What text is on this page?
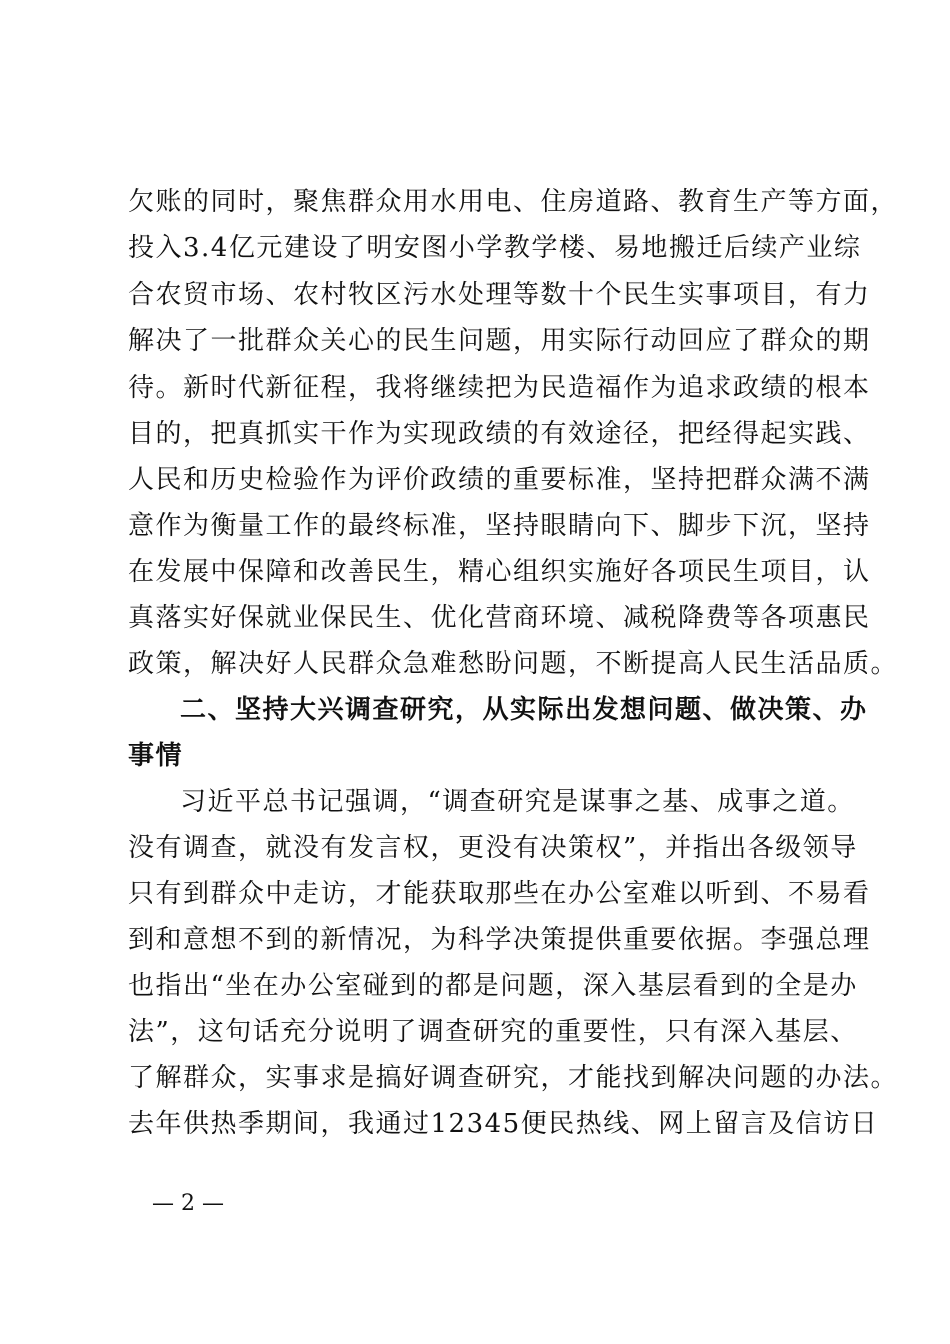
欠账的同时，聚焦群众用水用电、住房道路、教育生产等方面，
投入3.4亿元建设了明安图小学教学楼、易地搬迁后续产业综
合农贸市场、农村牧区污水处理等数十个民生实事项目，有力
解决了一批群众关心的民生问题，用实际行动回应了群众的期
待。新时代新征程，我将继续把为民造福作为追求政绩的根本
目的，把真抓实干作为实现政绩的有效途径，把经得起实践、
人民和历史检验作为评价政绩的重要标准，坚持把群众满不满
意作为衡量工作的最终标准，坚持眼睛向下、脚步下沉，坚持
在发展中保障和改善民生，精心组织实施好各项民生项目，认
真落实好保就业保民生、优化营商环境、减税降费等各项惠民
政策，解决好人民群众急难愁盼问题，不断提高人民生活品质。
二、坚持大兴调查研究，从实际出发想问题、做决策、办
事情
习近平总书记强调，“调查研究是谋事之基、成事之道。
没有调查，就没有发言权，更没有决策权”，并指出各级领导
只有到群众中走访，才能获取那些在办公室难以听到、不易看
到和意想不到的新情况，为科学决策提供重要依据。李强总理
也指出“坐在办公室碰到的都是问题，深入基层看到的全是办
法”，这句话充分说明了调查研究的重要性，只有深入基层、
了解群众，实事求是搞好调查研究，才能找到解决问题的办法。
去年供热季期间，我通过12345便民热线、网上留言及信访日
— 2 —
